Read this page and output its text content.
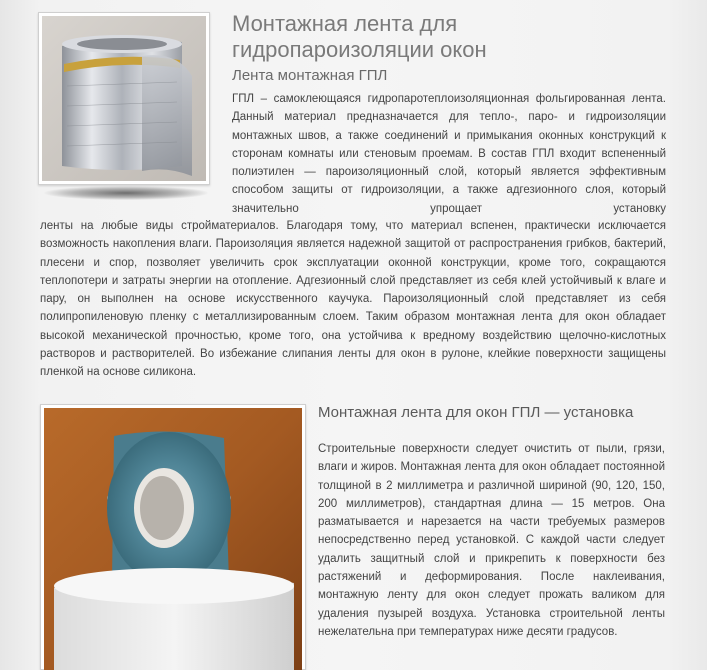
Монтажная лента для
гидропароизоляции окон
Лента монтажная ГПЛ

ГПЛ – самоклеющаяся гидропаротеплоизоляционная фольгированная лента. Данный материал предназначается для тепло-, паро- и гидроизоляции монтажных швов, а также соединений и примыкания оконных конструкций к сторонам комнаты или стеновым проемам. В состав ГПЛ входит вспененный полиэтилен — пароизоляционный слой, который является эффективным способом защиты от гидроизоляции, а также адгезионного слоя, который значительно упрощает установку

ленты на любые виды стройматериалов. Благодаря тому, что материал вспенен, практически исключается возможность накопления влаги. Пароизоляция является надежной защитой от распространения грибков, бактерий, плесени и спор, позволяет увеличить срок эксплуатации оконной конструкции, кроме того, сокращаются теплопотери и затраты энергии на отопление. Адгезионный слой представляет из себя клей устойчивый к влаге и пару, он выполнен на основе искусственного каучука. Пароизоляционный слой представляет из себя полипропиленовую пленку с металлизированным слоем. Таким образом монтажная лента для окон обладает высокой механической прочностью, кроме того, она устойчива к вредному воздействию щелочно-кислотных растворов и растворителей. Во избежание слипания ленты для окон в рулоне, клейкие поверхности защищены пленкой на основе силикона.

Монтажная лента для окон ГПЛ — установка

Строительные поверхности следует очистить от пыли, грязи, влаги и жиров. Монтажная лента для окон обладает постоянной толщиной в 2 миллиметра и различной шириной (90, 120, 150, 200 миллиметров), стандартная длина — 15 метров. Она разматывается и нарезается на части требуемых размеров непосредственно перед установкой. С каждой части следует удалить защитный слой и прикрепить к поверхности без растяжений и деформирования. После наклеивания, монтажную ленту для окон следует прожать валиком для удаления пузырей воздуха. Установка строительной ленты нежелательна при температурах ниже десяти градусов.
